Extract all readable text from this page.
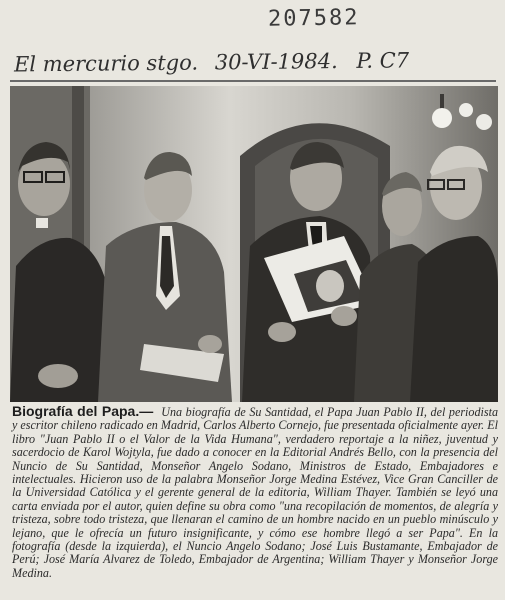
207582
El mercurio stgo. 30-VI-1984. P. C7
Biografía del Papa.— Una biografía de Su Santidad, el Papa Juan Pablo II, del periodista y escritor chileno radicado en Madrid, Carlos Alberto Cornejo, fue presentada oficialmente ayer. El libro "Juan Pablo II o el Valor de la Vida Humana", verdadero reportaje a la niñez, juventud y sacerdocio de Karol Wojtyla, fue dado a conocer en la Editorial Andrés Bello, con la presencia del Nuncio de Su Santidad, Monseñor Angelo Sodano, Ministros de Estado, Embajadores e intelectuales. Hicieron uso de la palabra Monseñor Jorge Medina Estévez, Vice Gran Canciller de la Universidad Católica y el gerente general de la editoria, William Thayer. También se leyó una carta enviada por el autor, quien define su obra como "una recopilación de momentos, de alegría y tristeza, sobre todo tristeza, que llenaran el camino de un hombre nacido en un pueblo minúsculo y lejano, que le ofrecía un futuro insignificante, y cómo ese hombre llegó a ser Papa". En la fotografía (desde la izquierda), el Nuncio Angelo Sodano; José Luis Bustamante, Embajador de Perú; José María Alvarez de Toledo, Embajador de Argentina; William Thayer y Monseñor Jorge Medina.
